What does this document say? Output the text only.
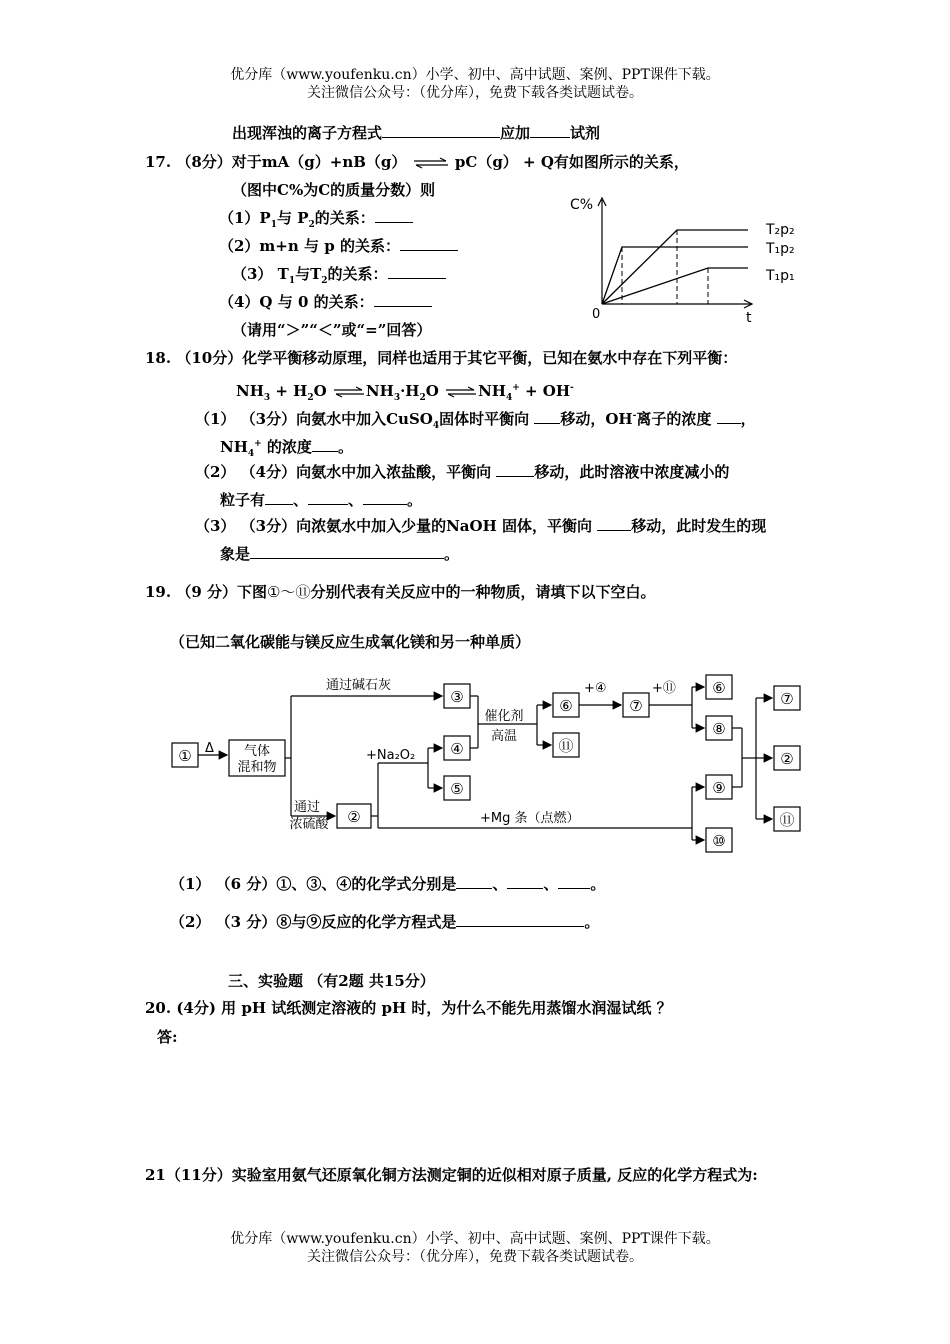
优分库（www.youfenku.cn）小学、初中、高中试题、案例、PPT课件下载。
关注微信公众号：（优分库），免费下载各类试题试卷。
出现浑浊的离子方程式	应加	试剂
17. （8分）对于mA（g）+nB（g） ⇌ pC（g） + Q有如图所示的关系，
（图中C%为C的质量分数）则
$(1)P_1$与 $P_2$的关系：
（2）m+n 与 p 的关系：
（3） $T_1$与$T_2$的关系：
（4）Q 与 0 的关系：
（请用“＞”“＜”或“=”回答）
C%
0	t
T₂p₂
T₁p₂
T₁p₁
18. （10分）化学平衡移动原理，同样也适用于其它平衡，已知在氨水中存在下列平衡：
$NH_3 + H_2O$ $\rightleftharpoons NH_3\cdot H_2O$ $\rightleftharpoons NH_4^+ + OH^-$
（1） （3分）向氨水中加入CuSO$_4$固体时平衡向 移动，OH-离子的浓度 ，
$NH_4^+$ 的浓度 。
（2） （4分）向氨水中加入浓盐酸，平衡向	移动，此时溶液中浓度减小的
粒子有 、	、	。
（3） （3分）向浓氨水中加入少量的NaOH 固体，平衡向 移动，此时发生的现
象是	。
19. （9 分）下图①～⑪分别代表有关反应中的一种物质，请填下以下空白。
（已知二氧化碳能与镁反应生成氧化镁和另一种单质）
①
③
④
⑤
②
⑥
⑪
⑦
⑥
⑧
⑨
⑩
⑦
②
⑪
Δ 气体
混和物
通过碱石灰
催化剂
高温
+Na₂O₂
通过
浓硫酸	+Mg 条（点燃）
+④	+⑪
（1） （6 分）①、③、④的化学式分别是 、 、 。
（2） （3 分）⑧与⑨反应的化学方程式是	。
三、实验题 （有2题 共15分）
20. (4分) 用 pH 试纸测定溶液的 pH 时，为什么不能先用蒸馏水润湿试纸 ？
答:
21（11分）实验室用氨气还原氧化铜方法测定铜的近似相对原子质量, 反应的化学方程式为:
优分库（www.youfenku.cn）小学、初中、高中试题、案例、PPT课件下载。
关注微信公众号：（优分库），免费下载各类试题试卷。
